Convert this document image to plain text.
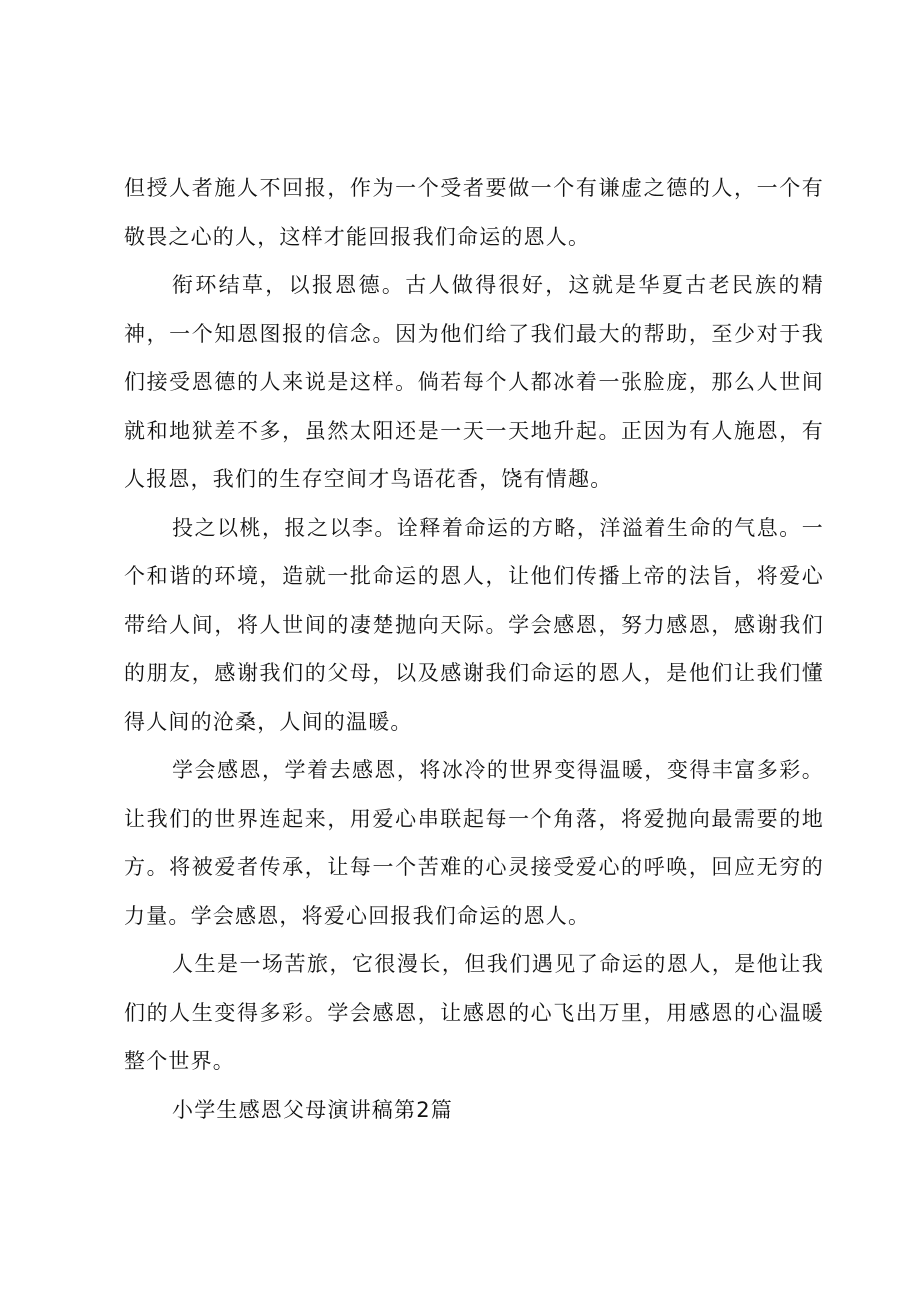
但授人者施人不回报，作为一个受者要做一个有谦虚之德的人，一个有敬畏之心的人，这样才能回报我们命运的恩人。

衔环结草，以报恩德。古人做得很好，这就是华夏古老民族的精神，一个知恩图报的信念。因为他们给了我们最大的帮助，至少对于我们接受恩德的人来说是这样。倘若每个人都冰着一张脸庞，那么人世间就和地狱差不多，虽然太阳还是一天一天地升起。正因为有人施恩，有人报恩，我们的生存空间才鸟语花香，饶有情趣。

投之以桃，报之以李。诠释着命运的方略，洋溢着生命的气息。一个和谐的环境，造就一批命运的恩人，让他们传播上帝的法旨，将爱心带给人间，将人世间的凄楚抛向天际。学会感恩，努力感恩，感谢我们的朋友，感谢我们的父母，以及感谢我们命运的恩人，是他们让我们懂得人间的沧桑，人间的温暖。

学会感恩，学着去感恩，将冰冷的世界变得温暖，变得丰富多彩。让我们的世界连起来，用爱心串联起每一个角落，将爱抛向最需要的地方。将被爱者传承，让每一个苦难的心灵接受爱心的呼唤，回应无穷的力量。学会感恩，将爱心回报我们命运的恩人。

人生是一场苦旅，它很漫长，但我们遇见了命运的恩人，是他让我们的人生变得多彩。学会感恩，让感恩的心飞出万里，用感恩的心温暖整个世界。

小学生感恩父母演讲稿第2篇
